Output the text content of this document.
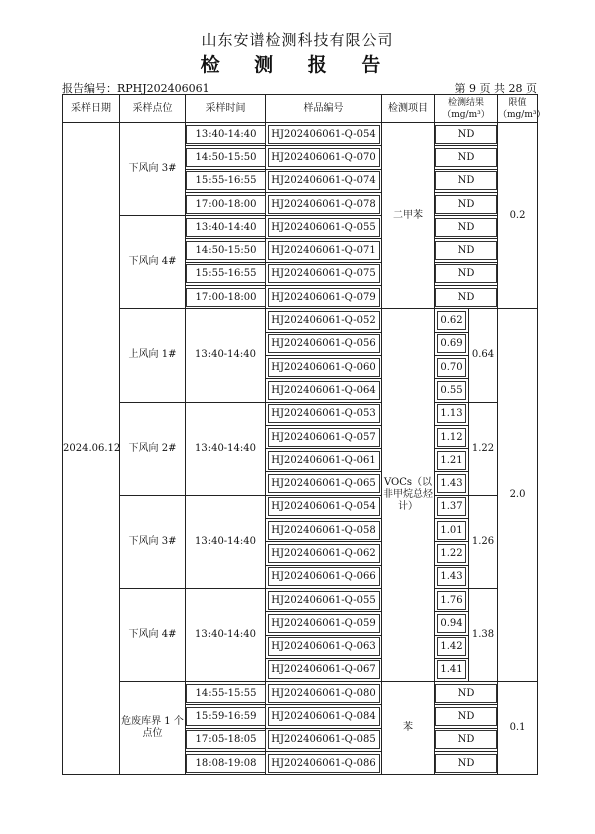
山东安谱检测科技有限公司
检 测 报 告
报告编号：RPHJ202406061	第 9 页 共 28 页
采样日期	采样点位	采样时间	样品编号	检测项目	检测结果（mg/m³）		限值（mg/m³）
2024.06.12	下风向 3#	13:40-14:40	HJ202406061-Q-054	二甲苯	ND		0.2
		14:50-15:50	HJ202406061-Q-070		ND		
		15:55-16:55	HJ202406061-Q-074		ND		
		17:00-18:00	HJ202406061-Q-078		ND		
	下风向 4#	13:40-14:40	HJ202406061-Q-055		ND		
		14:50-15:50	HJ202406061-Q-071		ND		
		15:55-16:55	HJ202406061-Q-075		ND		
		17:00-18:00	HJ202406061-Q-079		ND		
	上风向 1#	13:40-14:40	HJ202406061-Q-052	VOCs（以非甲烷总烃计）	0.62	0.64	2.0
			HJ202406061-Q-056		0.69		
			HJ202406061-Q-060		0.70		
			HJ202406061-Q-064		0.55		
	下风向 2#	13:40-14:40	HJ202406061-Q-053		1.13	1.22	
			HJ202406061-Q-057		1.12		
			HJ202406061-Q-061		1.21		
			HJ202406061-Q-065		1.43		
	下风向 3#	13:40-14:40	HJ202406061-Q-054		1.37	1.26	
			HJ202406061-Q-058		1.01		
			HJ202406061-Q-062		1.22		
			HJ202406061-Q-066		1.43		
	下风向 4#	13:40-14:40	HJ202406061-Q-055		1.76	1.38	
			HJ202406061-Q-059		0.94		
			HJ202406061-Q-063		1.42		
			HJ202406061-Q-067		1.41		
	危废库界 1 个点位	14:55-15:55	HJ202406061-Q-080	苯	ND		0.1
		15:59-16:59	HJ202406061-Q-084		ND		
		17:05-18:05	HJ202406061-Q-085		ND		
		18:08-19:08	HJ202406061-Q-086		ND		
